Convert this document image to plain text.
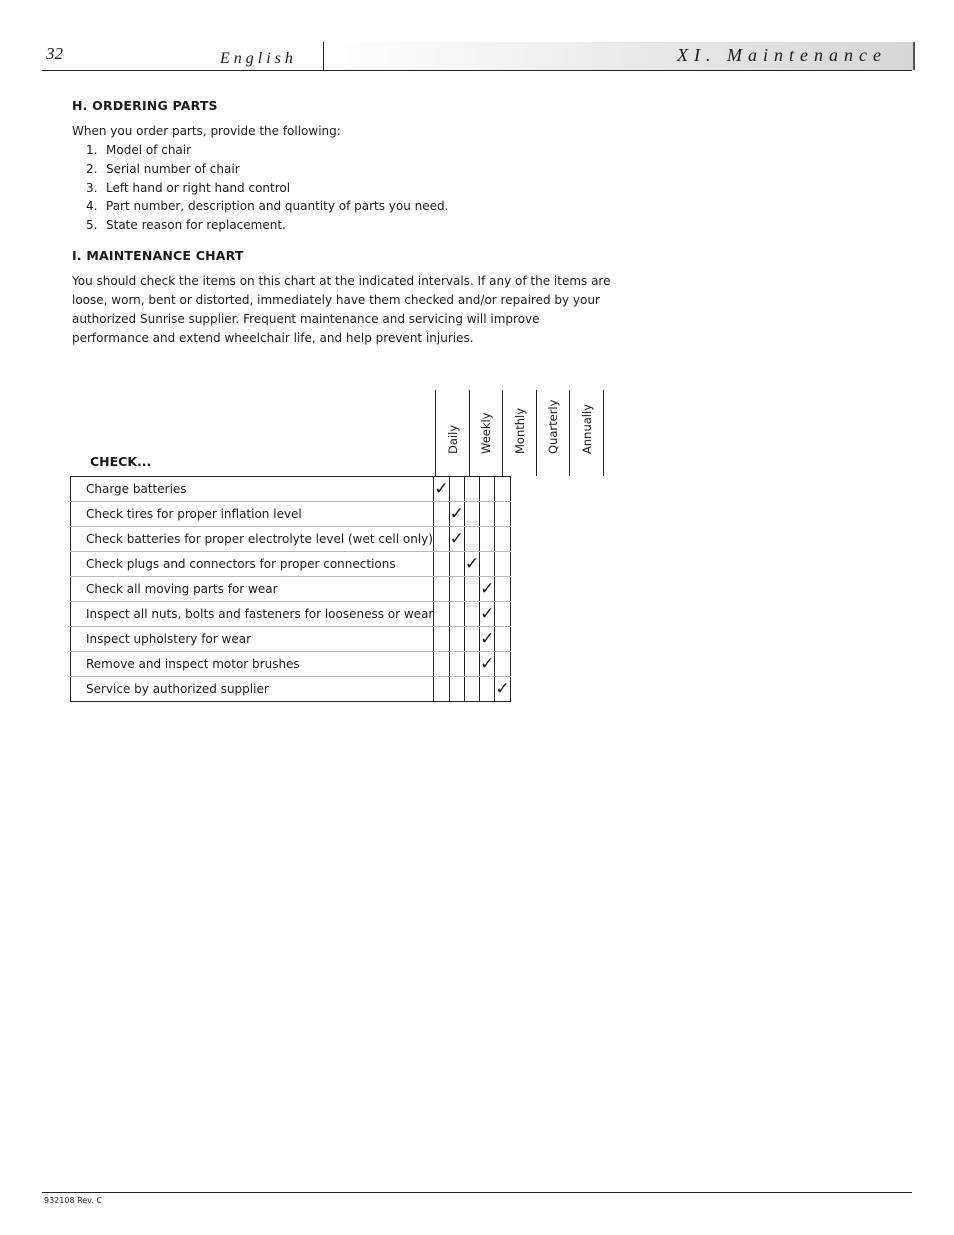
32	English	XI. Maintenance
H. ORDERING PARTS
When you order parts, provide the following:
1. Model of chair
2. Serial number of chair
3. Left hand or right hand control
4. Part number, description and quantity of parts you need.
5. State reason for replacement.
I. MAINTENANCE CHART
You should check the items on this chart at the indicated intervals. If any of the items are loose, worn, bent or distorted, immediately have them checked and/or repaired by your authorized Sunrise supplier. Frequent maintenance and servicing will improve performance and extend wheelchair life, and help prevent injuries.
CHECK...
Daily Weekly Monthly Quarterly Annually
Charge batteries	✓				
Check tires for proper inflation level		✓			
Check batteries for proper electrolyte level (wet cell only)		✓			
Check plugs and connectors for proper connections			✓		
Check all moving parts for wear				✓	
Inspect all nuts, bolts and fasteners for looseness or wear				✓	
Inspect upholstery for wear				✓	
Remove and inspect motor brushes				✓	
Service by authorized supplier					✓
932108 Rev. C
